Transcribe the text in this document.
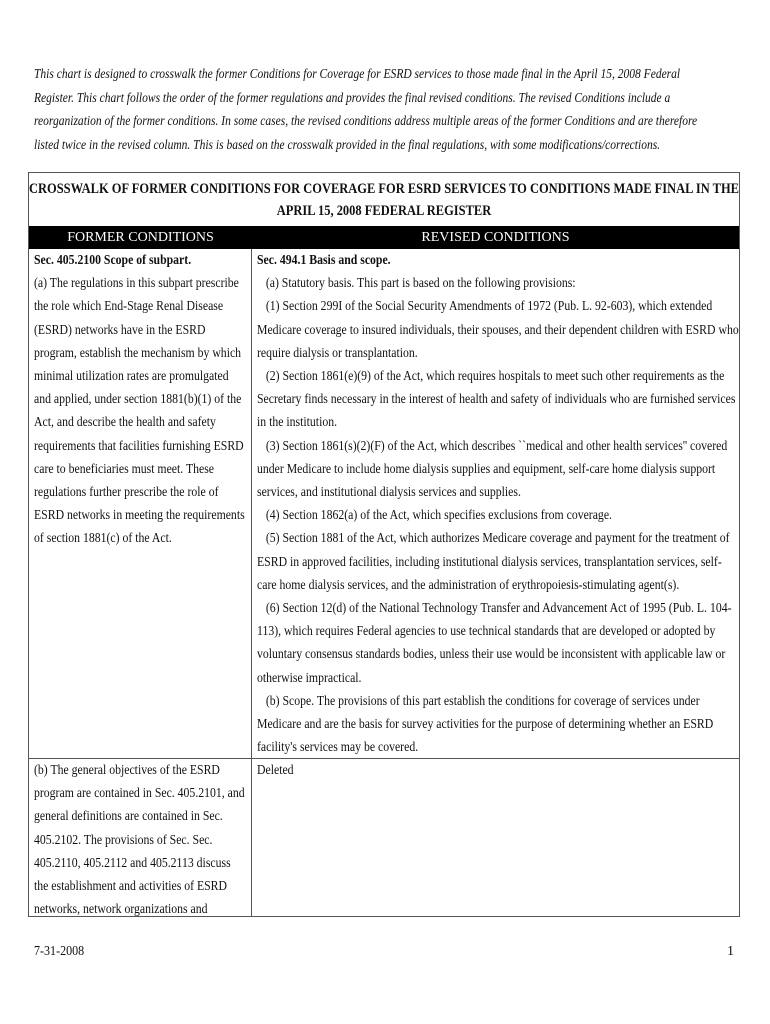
This chart is designed to crosswalk the former Conditions for Coverage for ESRD services to those made final in the April 15, 2008 Federal
Register. This chart follows the order of the former regulations and provides the final revised conditions. The revised Conditions include a
reorganization of the former conditions. In some cases, the revised conditions address multiple areas of the former Conditions and are therefore
listed twice in the revised column. This is based on the crosswalk provided in the final regulations, with some modifications/corrections.
CROSSWALK OF FORMER CONDITIONS FOR COVERAGE FOR ESRD SERVICES TO CONDITIONS MADE FINAL IN THE
APRIL 15, 2008 FEDERAL REGISTER
FORMER CONDITIONS	REVISED CONDITIONS
Sec. 405.2100 Scope of subpart.
(a) The regulations in this subpart prescribe
the role which End-Stage Renal Disease
(ESRD) networks have in the ESRD
program, establish the mechanism by which
minimal utilization rates are promulgated
and applied, under section 1881(b)(1) of the
Act, and describe the health and safety
requirements that facilities furnishing ESRD
care to beneficiaries must meet. These
regulations further prescribe the role of
ESRD networks in meeting the requirements
of section 1881(c) of the Act.
Sec. 494.1 Basis and scope.
(a) Statutory basis. This part is based on the following provisions:
(1) Section 299I of the Social Security Amendments of 1972 (Pub. L. 92-603), which extended
Medicare coverage to insured individuals, their spouses, and their dependent children with ESRD who
require dialysis or transplantation.
(2) Section 1861(e)(9) of the Act, which requires hospitals to meet such other requirements as the
Secretary finds necessary in the interest of health and safety of individuals who are furnished services
in the institution.
(3) Section 1861(s)(2)(F) of the Act, which describes ``medical and other health services'' covered
under Medicare to include home dialysis supplies and equipment, self-care home dialysis support
services, and institutional dialysis services and supplies.
(4) Section 1862(a) of the Act, which specifies exclusions from coverage.
(5) Section 1881 of the Act, which authorizes Medicare coverage and payment for the treatment of
ESRD in approved facilities, including institutional dialysis services, transplantation services, self-
care home dialysis services, and the administration of erythropoiesis-stimulating agent(s).
(6) Section 12(d) of the National Technology Transfer and Advancement Act of 1995 (Pub. L. 104-
113), which requires Federal agencies to use technical standards that are developed or adopted by
voluntary consensus standards bodies, unless their use would be inconsistent with applicable law or
otherwise impractical.
(b) Scope. The provisions of this part establish the conditions for coverage of services under
Medicare and are the basis for survey activities for the purpose of determining whether an ESRD
facility's services may be covered.
(b) The general objectives of the ESRD
program are contained in Sec. 405.2101, and
general definitions are contained in Sec.
405.2102. The provisions of Sec. Sec.
405.2110, 405.2112 and 405.2113 discuss
the establishment and activities of ESRD
networks, network organizations and
Deleted
7-31-2008	1
